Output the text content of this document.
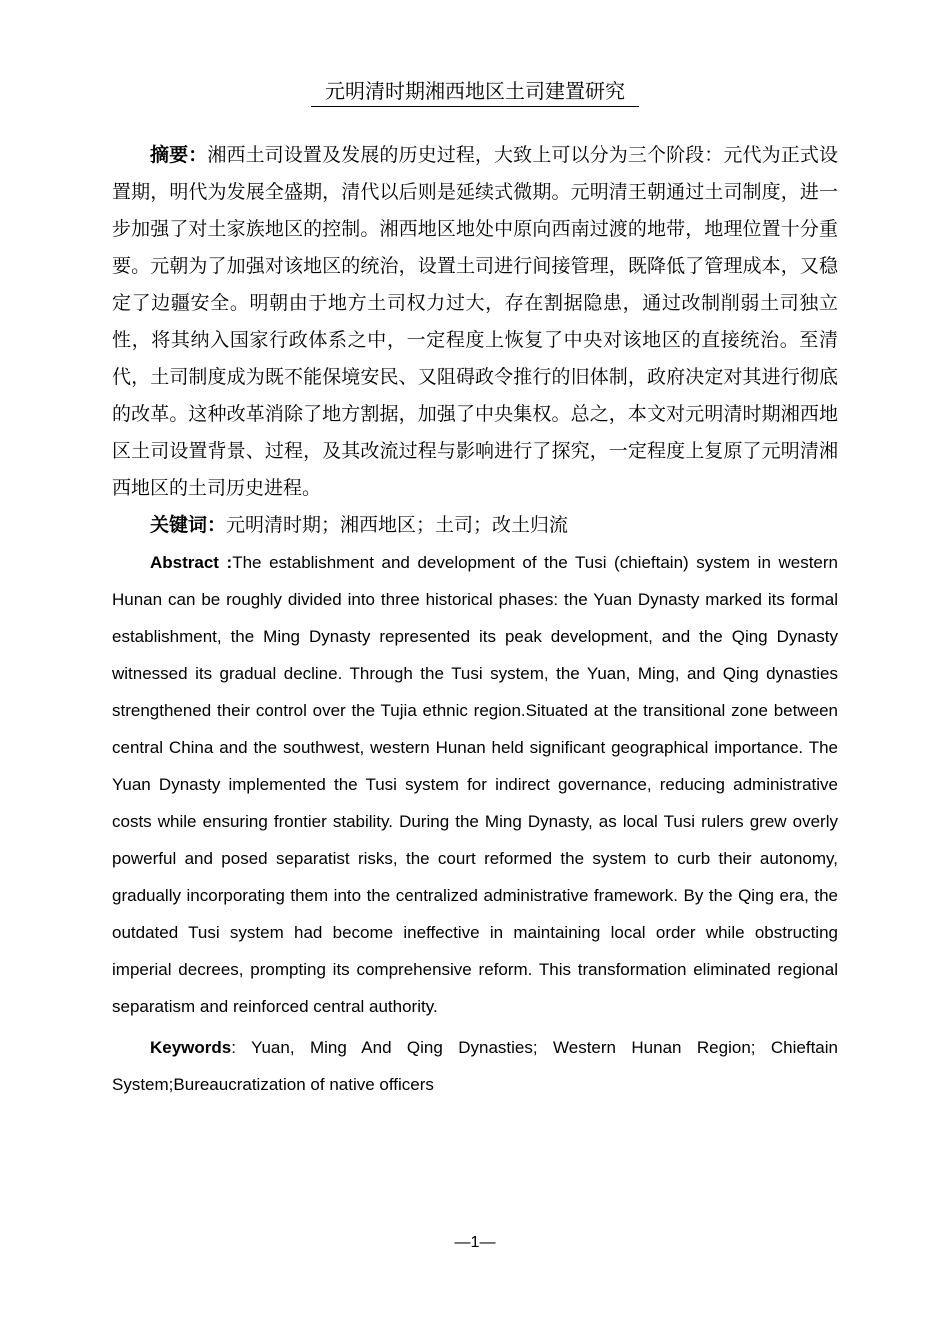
元明清时期湘西地区土司建置研究

摘要：湘西土司设置及发展的历史过程，大致上可以分为三个阶段：元代为正式设置期，明代为发展全盛期，清代以后则是延续式微期。元明清王朝通过土司制度，进一步加强了对土家族地区的控制。湘西地区地处中原向西南过渡的地带，地理位置十分重要。元朝为了加强对该地区的统治，设置土司进行间接管理，既降低了管理成本，又稳定了边疆安全。明朝由于地方土司权力过大，存在割据隐患，通过改制削弱土司独立性，将其纳入国家行政体系之中，一定程度上恢复了中央对该地区的直接统治。至清代，土司制度成为既不能保境安民、又阻碍政令推行的旧体制，政府决定对其进行彻底的改革。这种改革消除了地方割据，加强了中央集权。总之，本文对元明清时期湘西地区土司设置背景、过程，及其改流过程与影响进行了探究，一定程度上复原了元明清湘西地区的土司历史进程。

关键词：元明清时期；湘西地区；土司；改土归流

Abstract :The establishment and development of the Tusi (chieftain) system in western Hunan can be roughly divided into three historical phases: the Yuan Dynasty marked its formal establishment, the Ming Dynasty represented its peak development, and the Qing Dynasty witnessed its gradual decline. Through the Tusi system, the Yuan, Ming, and Qing dynasties strengthened their control over the Tujia ethnic region.Situated at the transitional zone between central China and the southwest, western Hunan held significant geographical importance. The Yuan Dynasty implemented the Tusi system for indirect governance, reducing administrative costs while ensuring frontier stability. During the Ming Dynasty, as local Tusi rulers grew overly powerful and posed separatist risks, the court reformed the system to curb their autonomy, gradually incorporating them into the centralized administrative framework. By the Qing era, the outdated Tusi system had become ineffective in maintaining local order while obstructing imperial decrees, prompting its comprehensive reform. This transformation eliminated regional separatism and reinforced central authority.

Keywords: Yuan, Ming And Qing Dynasties; Western Hunan Region; Chieftain System;Bureaucratization of native officers

—1—
